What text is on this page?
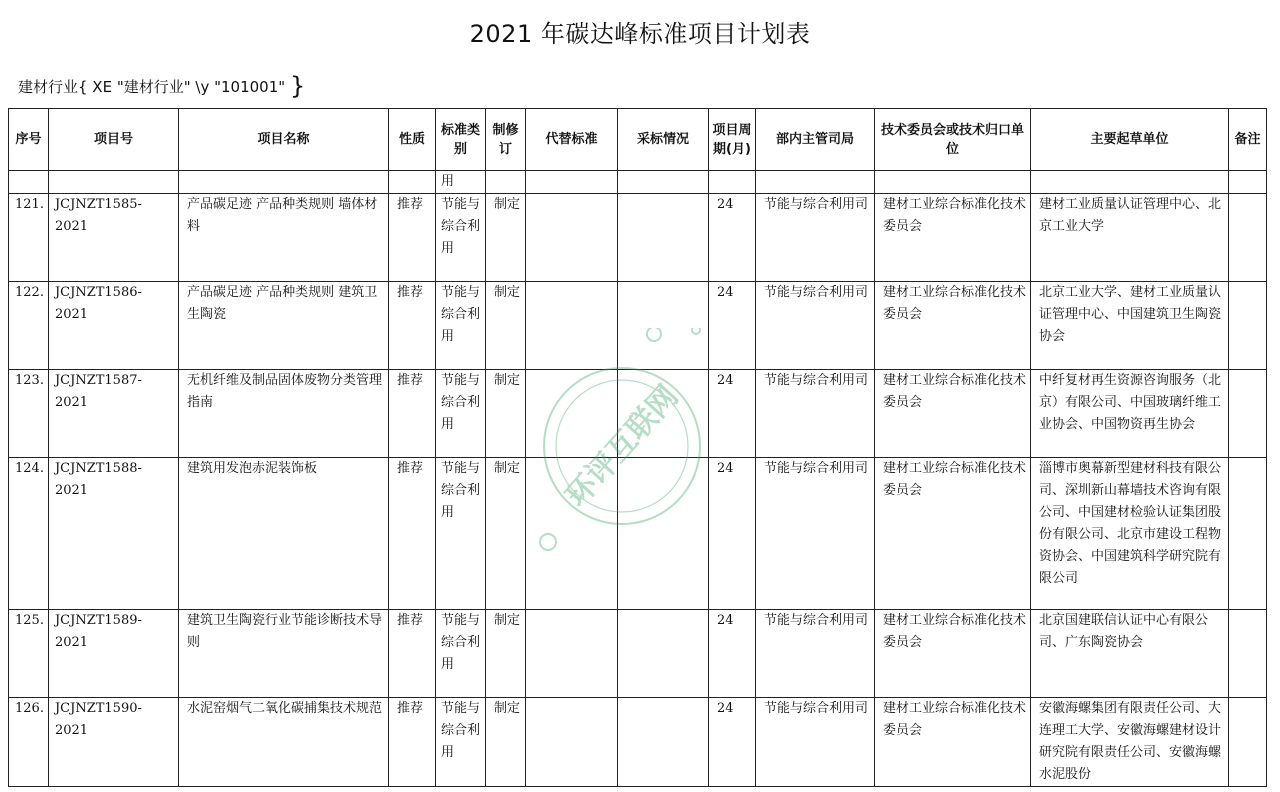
2021 年碳达峰标准项目计划表
建材行业{ XE "建材行业" \y "101001" }
序号	项目号	项目名称	性质	标准类别	制修订	代替标准	采标情况	项目周期(月)	部内主管司局	技术委员会或技术归口单位	主要起草单位	备注
				用								
121.	JCJNZT1585-2021	产品碳足迹 产品种类规则 墙体材料	推荐	节能与综合利用	制定			24	节能与综合利用司	建材工业综合标准化技术委员会	建材工业质量认证管理中心、北京工业大学	
122.	JCJNZT1586-2021	产品碳足迹 产品种类规则 建筑卫生陶瓷	推荐	节能与综合利用	制定			24	节能与综合利用司	建材工业综合标准化技术委员会	北京工业大学、建材工业质量认证管理中心、中国建筑卫生陶瓷协会	
123.	JCJNZT1587-2021	无机纤维及制品固体废物分类管理指南	推荐	节能与综合利用	制定			24	节能与综合利用司	建材工业综合标准化技术委员会	中纤复材再生资源咨询服务（北京）有限公司、中国玻璃纤维工业协会、中国物资再生协会	
124.	JCJNZT1588-2021	建筑用发泡赤泥装饰板	推荐	节能与综合利用	制定			24	节能与综合利用司	建材工业综合标准化技术委员会	淄博市奥幕新型建材科技有限公司、深圳新山幕墙技术咨询有限公司、中国建材检验认证集团股份有限公司、北京市建设工程物资协会、中国建筑科学研究院有限公司	
125.	JCJNZT1589-2021	建筑卫生陶瓷行业节能诊断技术导则	推荐	节能与综合利用	制定			24	节能与综合利用司	建材工业综合标准化技术委员会	北京国建联信认证中心有限公司、广东陶瓷协会	
126.	JCJNZT1590-2021	水泥窑烟气二氧化碳捕集技术规范	推荐	节能与综合利用	制定			24	节能与综合利用司	建材工业综合标准化技术委员会	安徽海螺集团有限责任公司、大连理工大学、安徽海螺建材设计研究院有限责任公司、安徽海螺水泥股份	
环评互联网
